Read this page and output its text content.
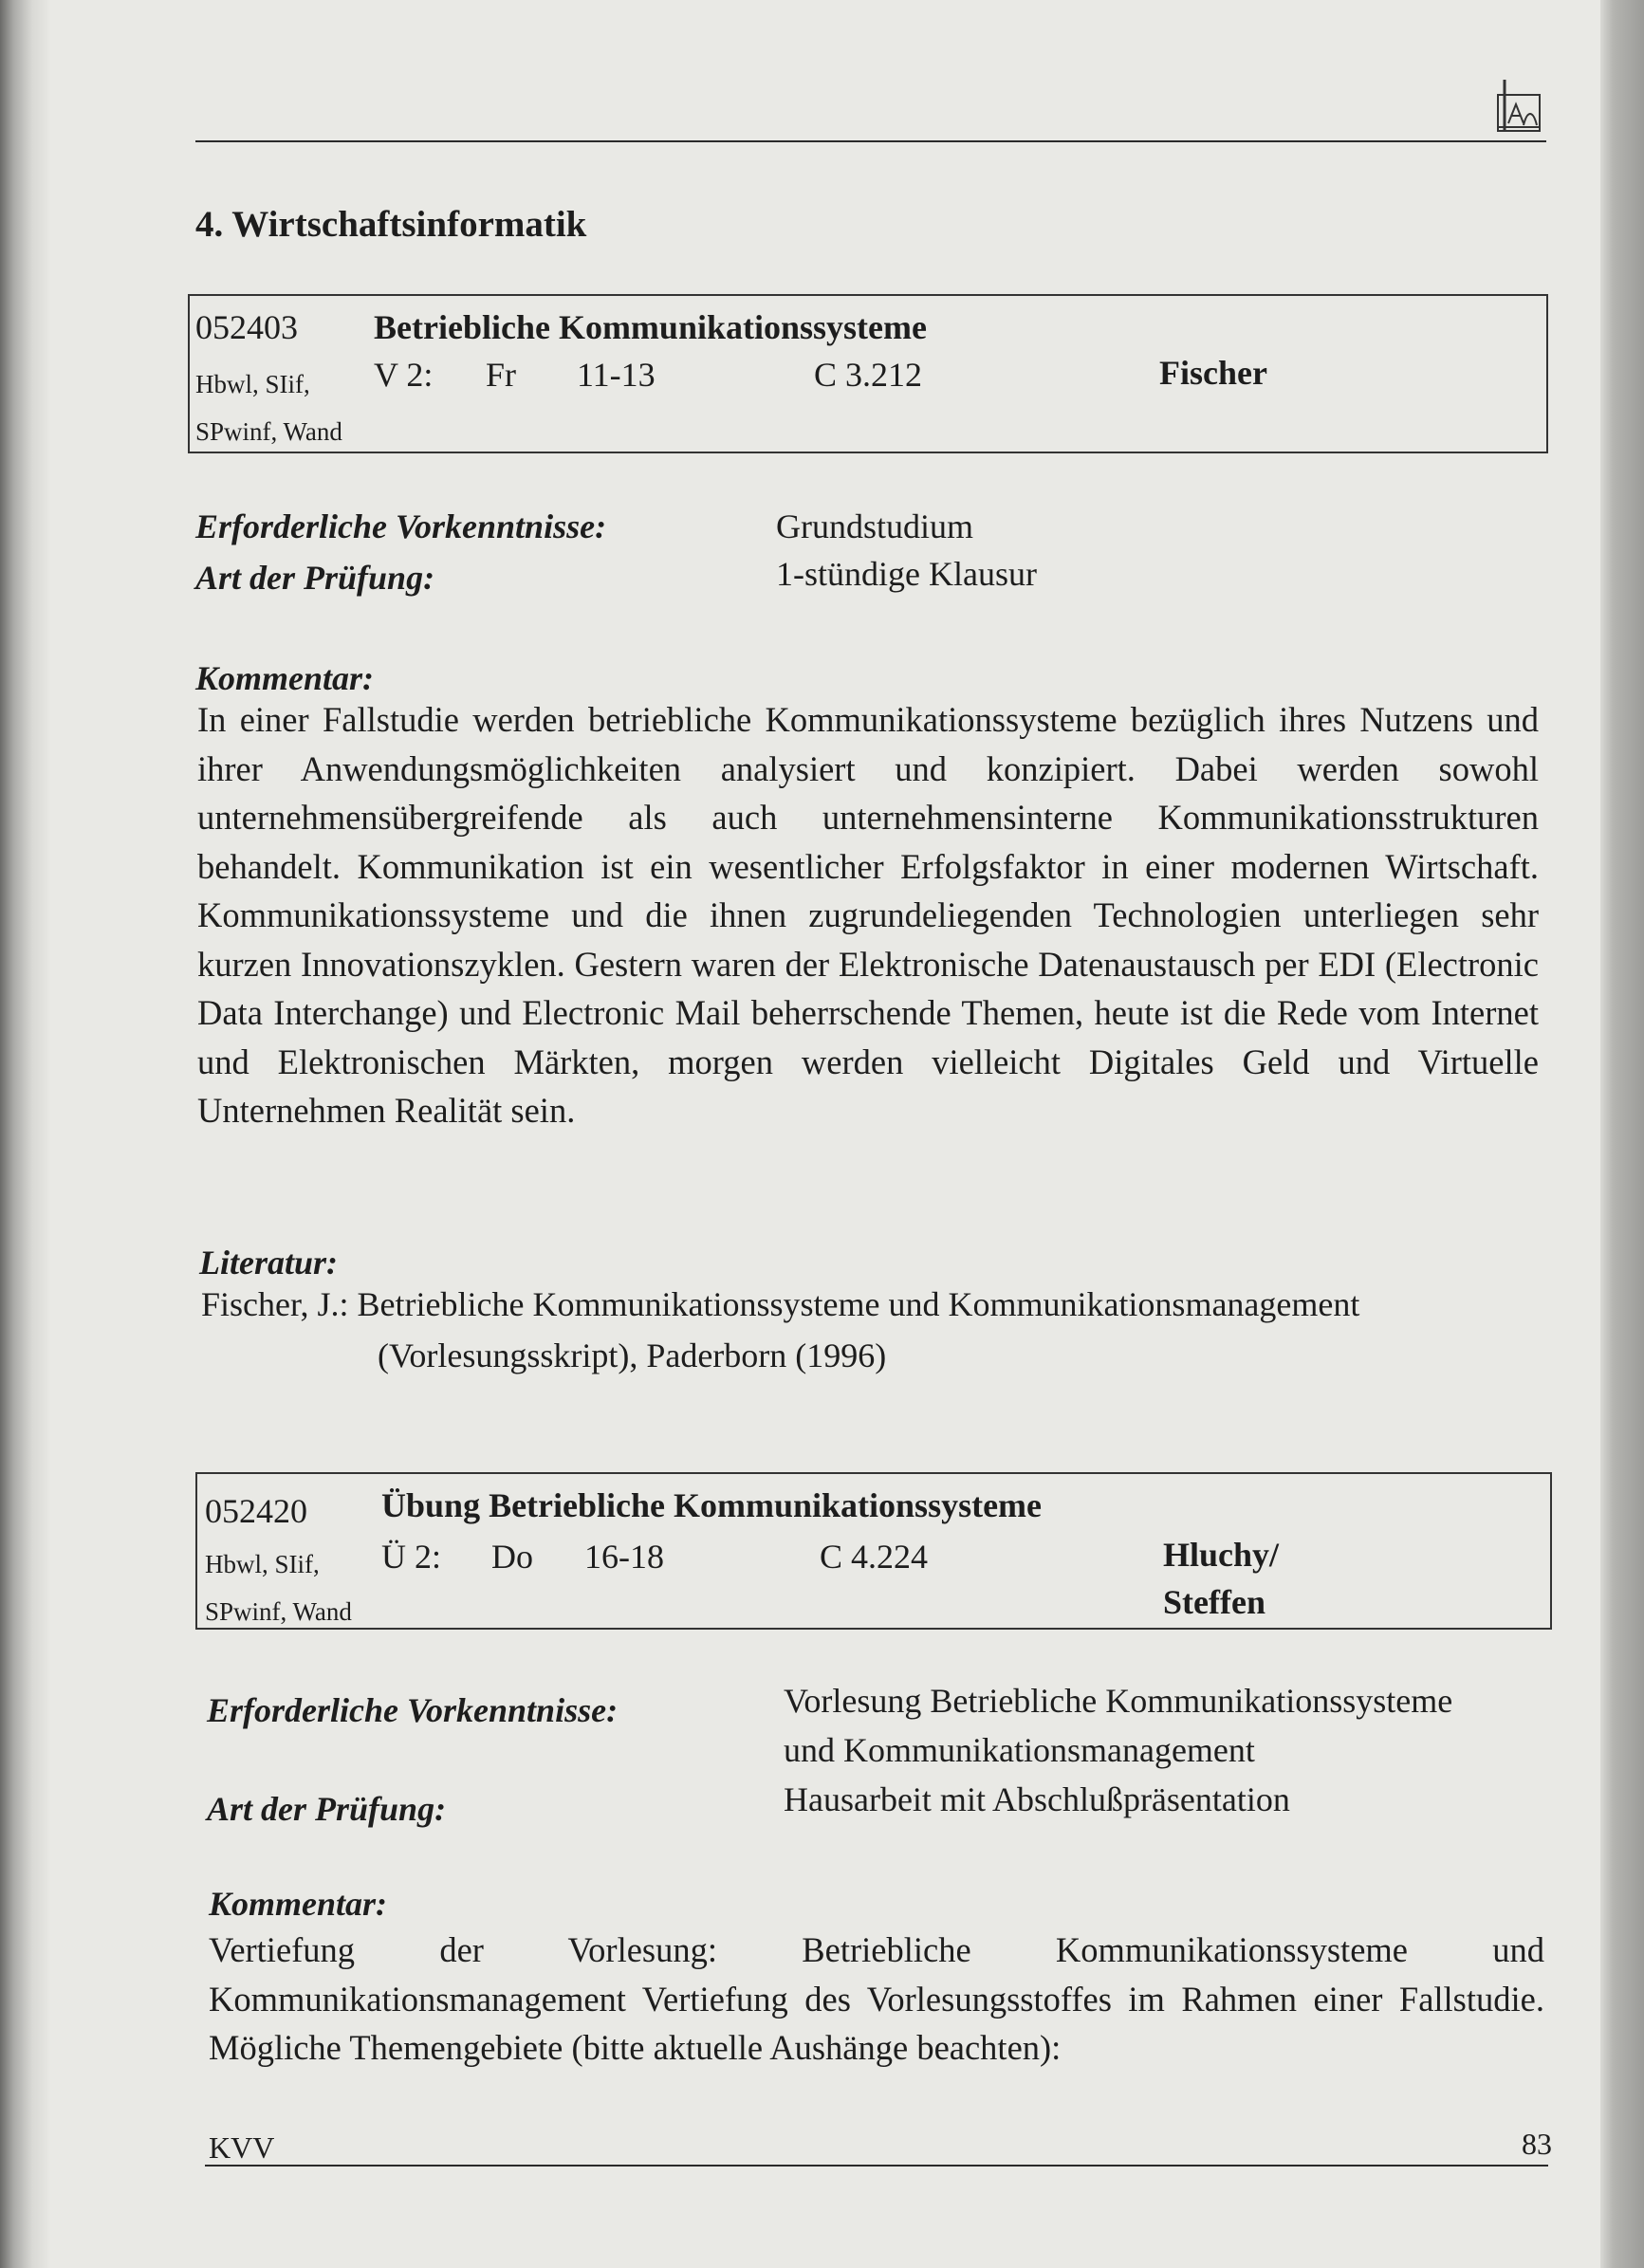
4. Wirtschaftsinformatik
052403 Betriebliche Kommunikationssysteme
Hbwl, SIif,
SPwinf, Wand
V 2: Fr 11-13	C 3.212	Fischer
Erforderliche Vorkenntnisse:	Grundstudium
Art der Prüfung:	1-stündige Klausur
Kommentar:
In einer Fallstudie werden betriebliche Kommunikationssysteme bezüglich ihres Nutzens und ihrer Anwendungsmöglichkeiten analysiert und konzipiert. Dabei werden sowohl unternehmensübergreifende als auch unternehmensinterne Kommunikationsstrukturen behandelt. Kommunikation ist ein wesentlicher Erfolgsfaktor in einer modernen Wirtschaft. Kommunikationssysteme und die ihnen zugrundeliegenden Technologien unterliegen sehr kurzen Innovationszyklen. Gestern waren der Elektronische Datenaustausch per EDI (Electronic Data Interchange) und Electronic Mail beherrschende Themen, heute ist die Rede vom Internet und Elektronischen Märkten, morgen werden vielleicht Digitales Geld und Virtuelle Unternehmen Realität sein.
Literatur:
Fischer, J.: Betriebliche Kommunikationssysteme und Kommunikationsmanagement
(Vorlesungsskript), Paderborn (1996)
052420 Übung Betriebliche Kommunikationssysteme
Hbwl, SIif,
SPwinf, Wand
Ü 2: Do 16-18	C 4.224	Hluchy/
Steffen
Erforderliche Vorkenntnisse:	Vorlesung Betriebliche Kommunikationssysteme
und Kommunikationsmanagement
Art der Prüfung:	Hausarbeit mit Abschlußpräsentation
Kommentar:
Vertiefung der Vorlesung: Betriebliche Kommunikationssysteme und Kommunikationsmanagement Vertiefung des Vorlesungsstoffes im Rahmen einer Fallstudie. Mögliche Themengebiete (bitte aktuelle Aushänge beachten):
KVV	83
